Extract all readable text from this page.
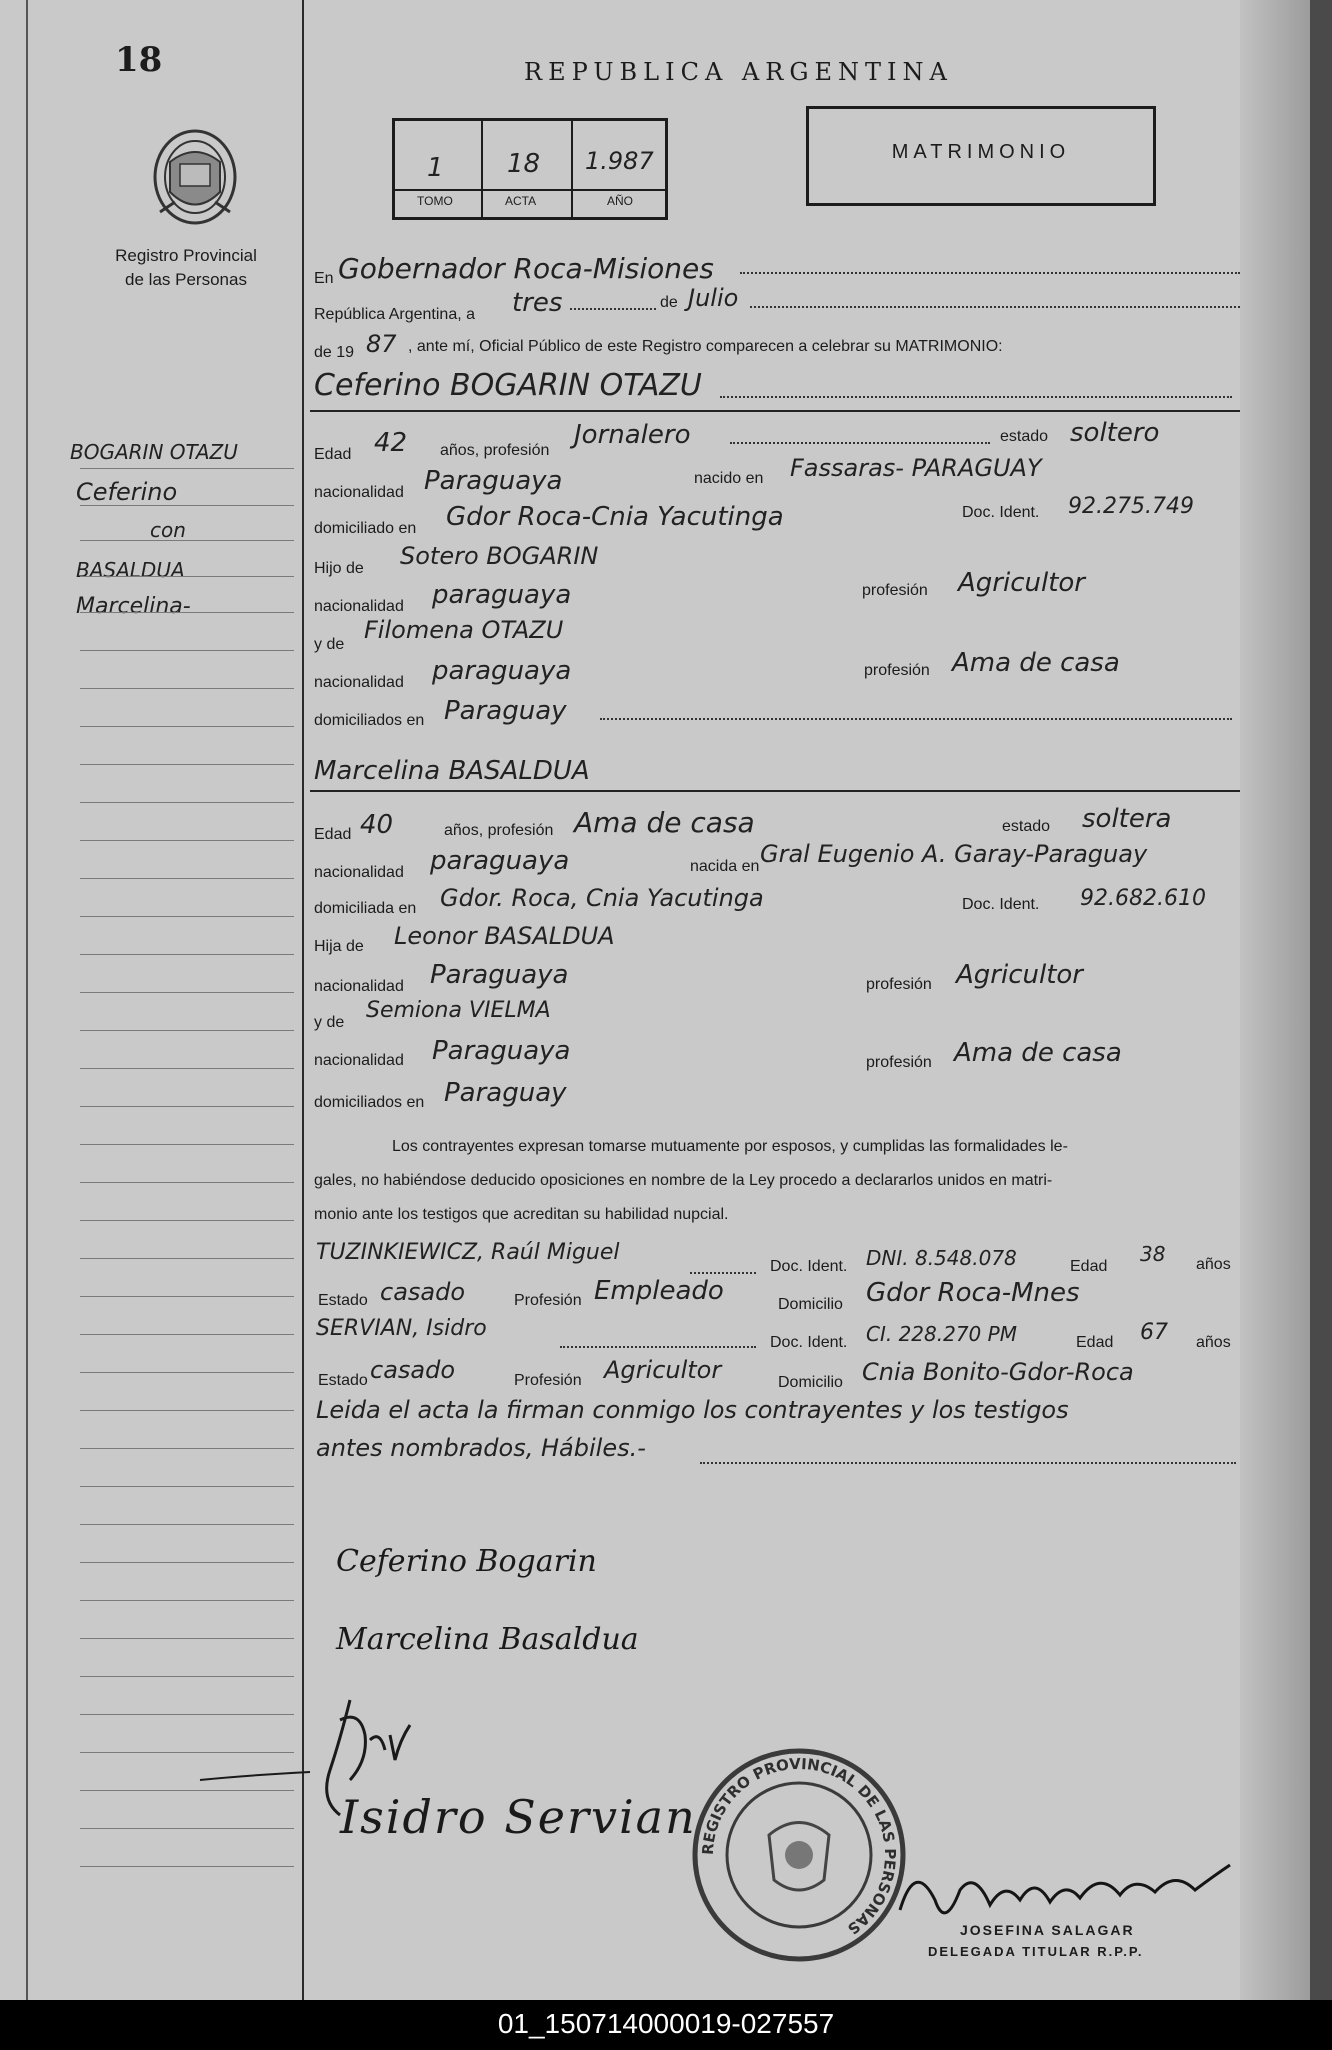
18
Registro Provincial
de las Personas
BOGARIN OTAZU
Ceferino
con
BASALDUA
Marcelina-
REPUBLICA ARGENTINA
1 18 1.987
TOMO	ACTA	AÑO
MATRIMONIO
En Gobernador Roca-Misiones
República Argentina, a tres	de Julio
de 19 87 , ante mí, Oficial Público de este Registro comparecen a celebrar su MATRIMONIO:
Ceferino BOGARIN OTAZU
Edad 42 años, profesión
Jornalero	estado soltero
nacionalidad Paraguaya	nacido en Fassaras- PARAGUAY
domiciliado en Gdor Roca-Cnia Yacutinga	Doc. Ident. 92.275.749
Hijo de Sotero BOGARIN
nacionalidad paraguaya	profesión Agricultor
y de
Filomena OTAZU
nacionalidad paraguaya	profesión Ama de casa
domiciliados en Paraguay
Marcelina BASALDUA
Edad 40	años, profesión Ama de casa	estado soltera
nacionalidad paraguaya	nacida en Gral Eugenio A. Garay-Paraguay
domiciliada en Gdor. Roca, Cnia Yacutinga	Doc. Ident. 92.682.610
Hija de Leonor BASALDUA
nacionalidad Paraguaya	profesión Agricultor
y de Semiona VIELMA
nacionalidad Paraguaya	profesión Ama de casa
domiciliados en Paraguay
Los contrayentes expresan tomarse mutuamente por esposos, y cumplidas las formalidades le-
gales, no habiéndose deducido oposiciones en nombre de la Ley procedo a declararlos unidos en matri-
monio ante los testigos que acreditan su habilidad nupcial.
TUZINKIEWICZ, Raúl Miguel
Doc. Ident. DNI. 8.548.078	Edad
38 años
Estado casado	Profesión Empleado	Domicilio Gdor Roca-Mnes
SERVIAN, Isidro
Doc. Ident. CI. 228.270 PM	Edad 67 años
Estado casado	Profesión Agricultor	Domicilio Cnia Bonito-Gdor-Roca
Leida el acta la firman conmigo los contrayentes y los testigos
antes nombrados, Hábiles.-
Ceferino Bogarin
Marcelina Basaldua
Isidro Servian
REGISTRO PROVINCIAL DE LAS PERSONAS	JOSEFINA SALAGAR
DELEGADA TITULAR R.P.P.
01_150714000019-027557
